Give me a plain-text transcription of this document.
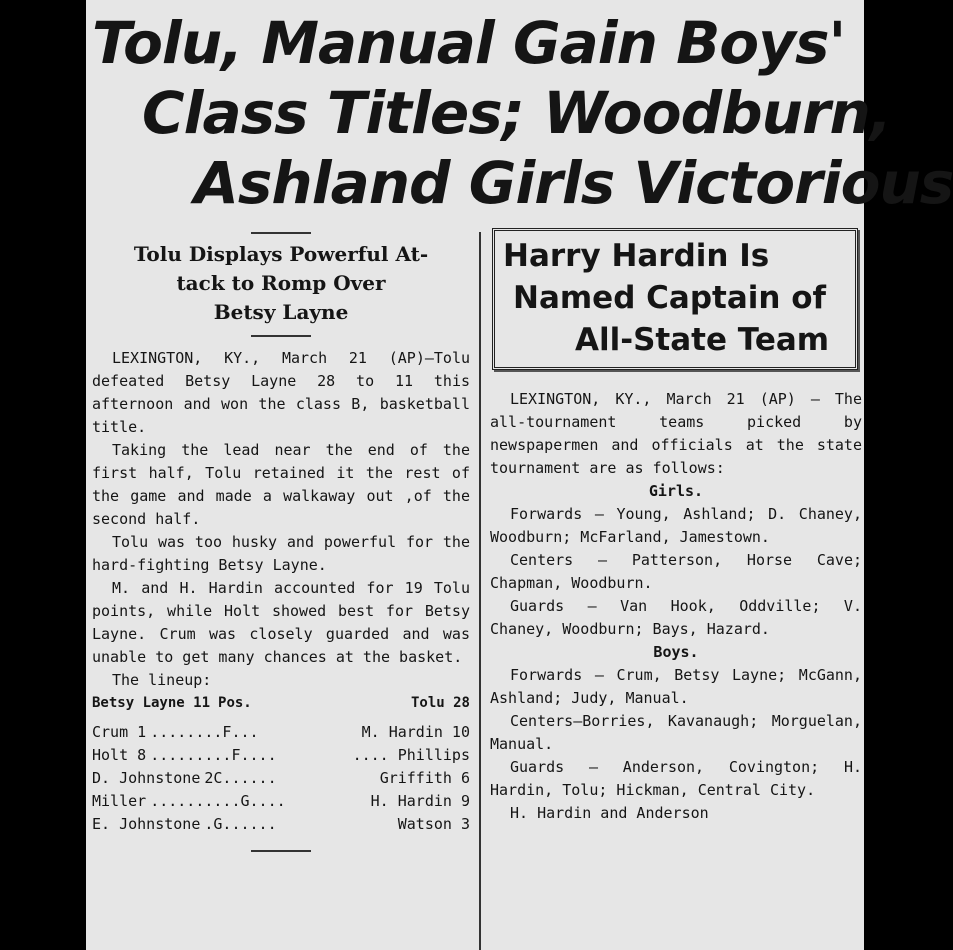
Tolu, Manual Gain Boys'
Class Titles; Woodburn,
Ashland Girls Victorious
Tolu Displays Powerful At-
tack to Romp Over
Betsy Layne

LEXINGTON, KY., March 21 (AP)—Tolu defeated Betsy Layne 28 to 11 this afternoon and won the class B, basketball title.

Taking the lead near the end of the first half, Tolu retained it the rest of the game and made a walkaway out ,of the second half.

Tolu was too husky and powerful for the hard-fighting Betsy Layne.

M. and H. Hardin accounted for 19 Tolu points, while Holt showed best for Betsy Layne. Crum was closely guarded and was unable to get many chances at the basket.

The lineup:

Betsy Layne 11 Pos.	Tolu 28
Crum 1 ........F...	M. Hardin 10
Holt 8 .........F....	.... Phillips
D. Johnstone 2C......	Griffith 6
Miller ..........G....	H. Hardin 9
E. Johnstone .G......	Watson 3
Harry Hardin Is
Named Captain of
All-State Team

LEXINGTON, KY., March 21 (AP) — The all-tournament teams picked by newspapermen and officials at the state tournament are as follows:

Girls.

Forwards — Young, Ashland; D. Chaney, Woodburn; McFarland, Jamestown.

Centers — Patterson, Horse Cave; Chapman, Woodburn.

Guards — Van Hook, Oddville; V. Chaney, Woodburn; Bays, Hazard.

Boys.

Forwards — Crum, Betsy Layne; McGann, Ashland; Judy, Manual.

Centers—Borries, Kavanaugh; Morguelan, Manual.

Guards — Anderson, Covington; H. Hardin, Tolu; Hickman, Central City.

H. Hardin and Anderson
